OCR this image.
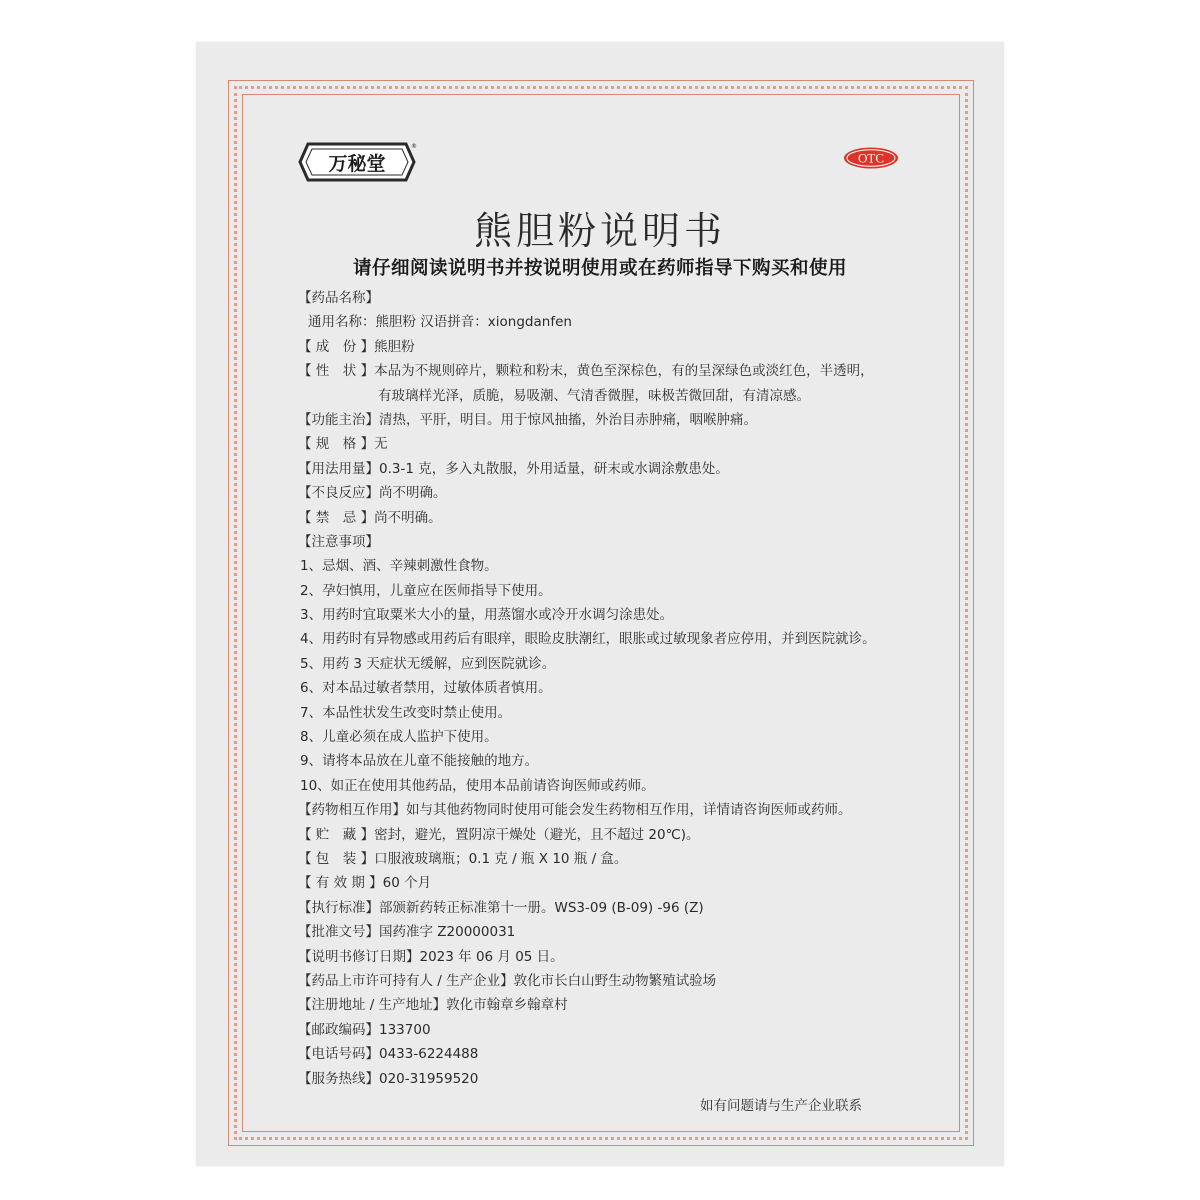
万秘堂
®
OTC
熊胆粉说明书
请仔细阅读说明书并按说明使用或在药师指导下购买和使用
【药品名称】
通用名称：熊胆粉 汉语拼音：xiongdanfen
【 成　份 】熊胆粉
【 性　状 】本品为不规则碎片，颗粒和粉末，黄色至深棕色，有的呈深绿色或淡红色，半透明，
有玻璃样光泽，质脆，易吸潮、气清香微腥，味极苦微回甜，有清凉感。
【功能主治】清热，平肝，明目。用于惊风抽搐，外治目赤肿痛，咽喉肿痛。
【 规　格 】无
【用法用量】0.3-1 克，多入丸散服，外用适量，研末或水调涂敷患处。
【不良反应】尚不明确。
【 禁　忌 】尚不明确。
【注意事项】
1、忌烟、酒、辛辣刺激性食物。
2、孕妇慎用，儿童应在医师指导下使用。
3、用药时宜取粟米大小的量，用蒸馏水或冷开水调匀涂患处。
4、用药时有异物感或用药后有眼痒，眼睑皮肤潮红，眼胀或过敏现象者应停用，并到医院就诊。
5、用药 3 天症状无缓解，应到医院就诊。
6、对本品过敏者禁用，过敏体质者慎用。
7、本品性状发生改变时禁止使用。
8、儿童必须在成人监护下使用。
9、请将本品放在儿童不能接触的地方。
10、如正在使用其他药品，使用本品前请咨询医师或药师。
【药物相互作用】如与其他药物同时使用可能会发生药物相互作用，详情请咨询医师或药师。
【 贮　藏 】密封，避光，置阴凉干燥处（避光，且不超过 20℃)。
【 包　装 】口服液玻璃瓶；0.1 克 / 瓶 X 10 瓶 / 盒。
【 有 效 期 】60 个月
【执行标准】部颁新药转正标准第十一册。WS3-09 (B-09) -96 (Z)
【批准文号】国药准字 Z20000031
【说明书修订日期】2023 年 06 月 05 日。
【药品上市许可持有人 / 生产企业】敦化市长白山野生动物繁殖试验场
【注册地址 / 生产地址】敦化市翰章乡翰章村
【邮政编码】133700
【电话号码】0433-6224488
【服务热线】020-31959520
如有问题请与生产企业联系
